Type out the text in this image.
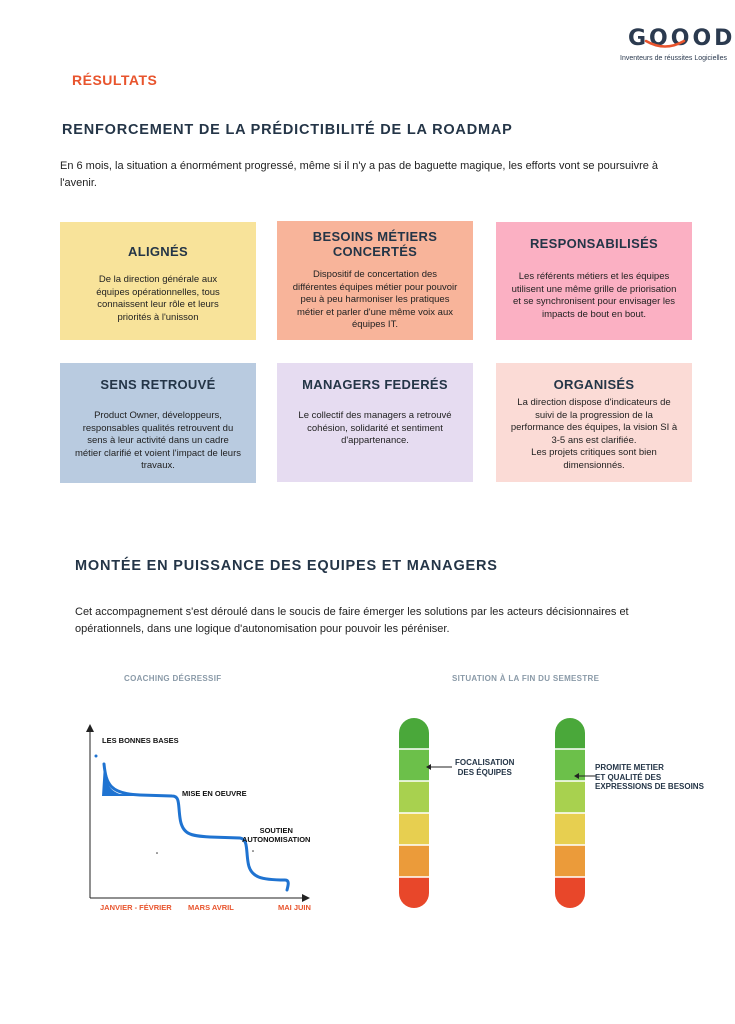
GOOOD
Inventeurs de réussites Logicielles
RÉSULTATS
RENFORCEMENT DE LA PRÉDICTIBILITÉ DE LA ROADMAP
En 6 mois, la situation a énormément progressé, même si il n'y a pas de baguette magique, les efforts vont se poursuivre à l'avenir.
ALIGNÉS
De la direction générale aux équipes opérationnelles, tous connaissent leur rôle et leurs priorités à l'unisson
BESOINS MÉTIERS CONCERTÉS
Dispositif de concertation des différentes équipes métier pour pouvoir peu à peu harmoniser les pratiques métier et parler d'une même voix aux équipes IT.
RESPONSABILISÉS
Les référents métiers et les équipes utilisent une même grille de priorisation et se synchronisent pour envisager les impacts de bout en bout.
SENS RETROUVÉ
Product Owner, développeurs, responsables qualités retrouvent du sens à leur activité dans un cadre métier clarifié et voient l'impact de leurs travaux.
MANAGERS FEDERÉS
Le collectif des managers a retrouvé cohésion, solidarité et sentiment d'appartenance.
ORGANISÉS
La direction dispose d'indicateurs de suivi de la progression de la performance des équipes, la vision SI à 3-5 ans est clarifiée.
Les projets critiques sont bien dimensionnés.
MONTÉE EN PUISSANCE DES EQUIPES ET MANAGERS
Cet accompagnement s'est déroulé dans le soucis de faire émerger les solutions par les acteurs décisionnaires et opérationnels, dans une logique d'autonomisation pour pouvoir les péréniser.
COACHING DÉGRESSIF
LES BONNES BASES
MISE EN OEUVRE
SOUTIEN
AUTONOMISATION
JANVIER - FÉVRIER MARS AVRIL	MAI JUIN
SITUATION À LA FIN DU SEMESTRE
FOCALISATION
DES ÉQUIPES	PROMITE METIER
ET QUALITÉ DES
EXPRESSIONS DE BESOINS
